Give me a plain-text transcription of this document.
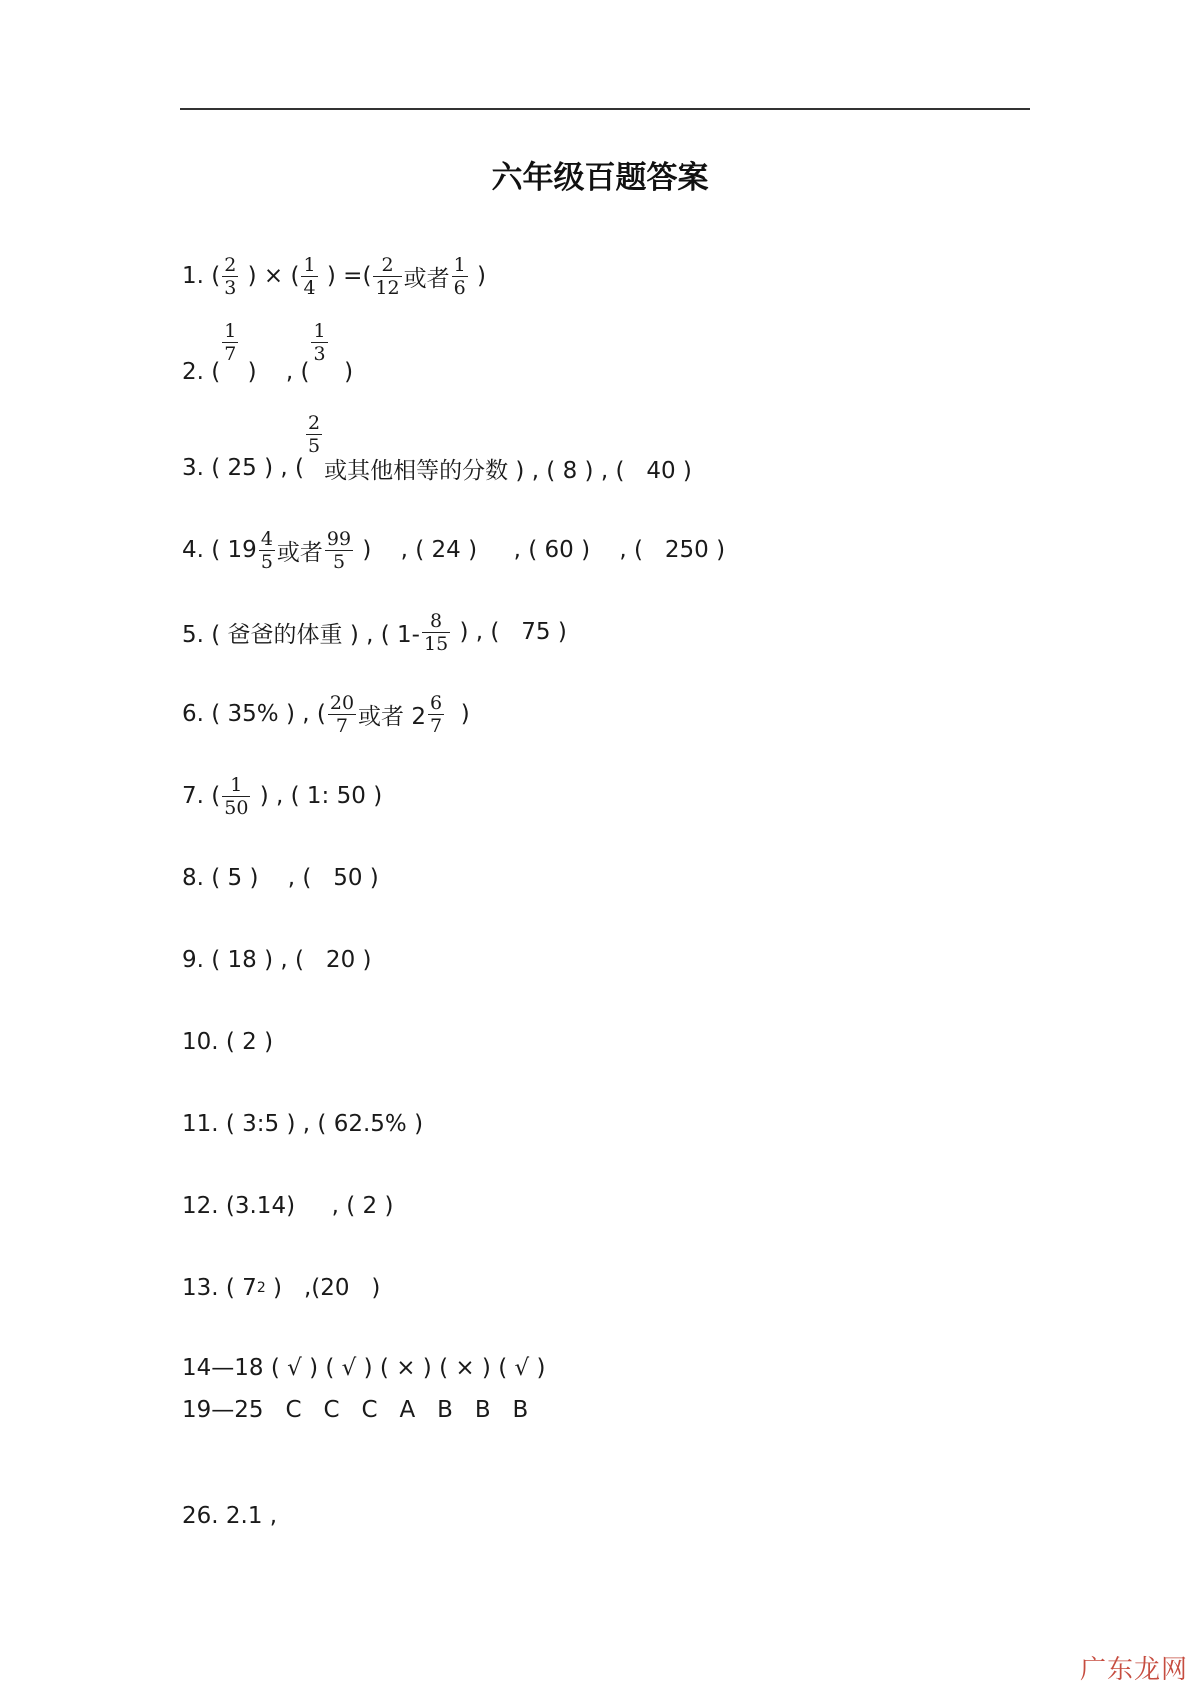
六年级百题答案
1. ( $\frac{2}{3}$ ) × ( $\frac{1}{4}$ ) =( $\frac{2}{12}$ 或者 $\frac{1}{6}$ )
2. (
$\frac{1}{7}$
)    , (
$\frac{1}{3}$
)
3. ( 25 ) , (
$\frac{2}{5}$
或其他相等的分数 ) , ( 8 ) , (   40 )
4. ( $19 \frac{4}{5}$ 或者 $\frac{99}{5}$ )    , ( 24 )     , ( 60 )    , (   250 )
5. ( 爸爸的体重 ) , ( $1- \frac{8}{15}$ ) , (   75 )
6. ( 35% ) , ( $\frac{20}{7}$ 或者 $2 \frac{6}{7}$ )
7. ( $\frac{1}{50}$ ) , ( 1: 50 )
8. ( 5 )    , (   50 )
9. ( 18 ) , (   20 )
10. ( 2 )
11. ( 3:5 ) , ( 62.5% )
12. (3.14)     , ( 2 )
13. ( 7 2 )   ,(20   )
14—18 ( √ ) ( √ ) ( × ) ( × ) ( √ )
19—25   C   C   C   A   B   B   B
26. 2.1 ,
广东龙网
